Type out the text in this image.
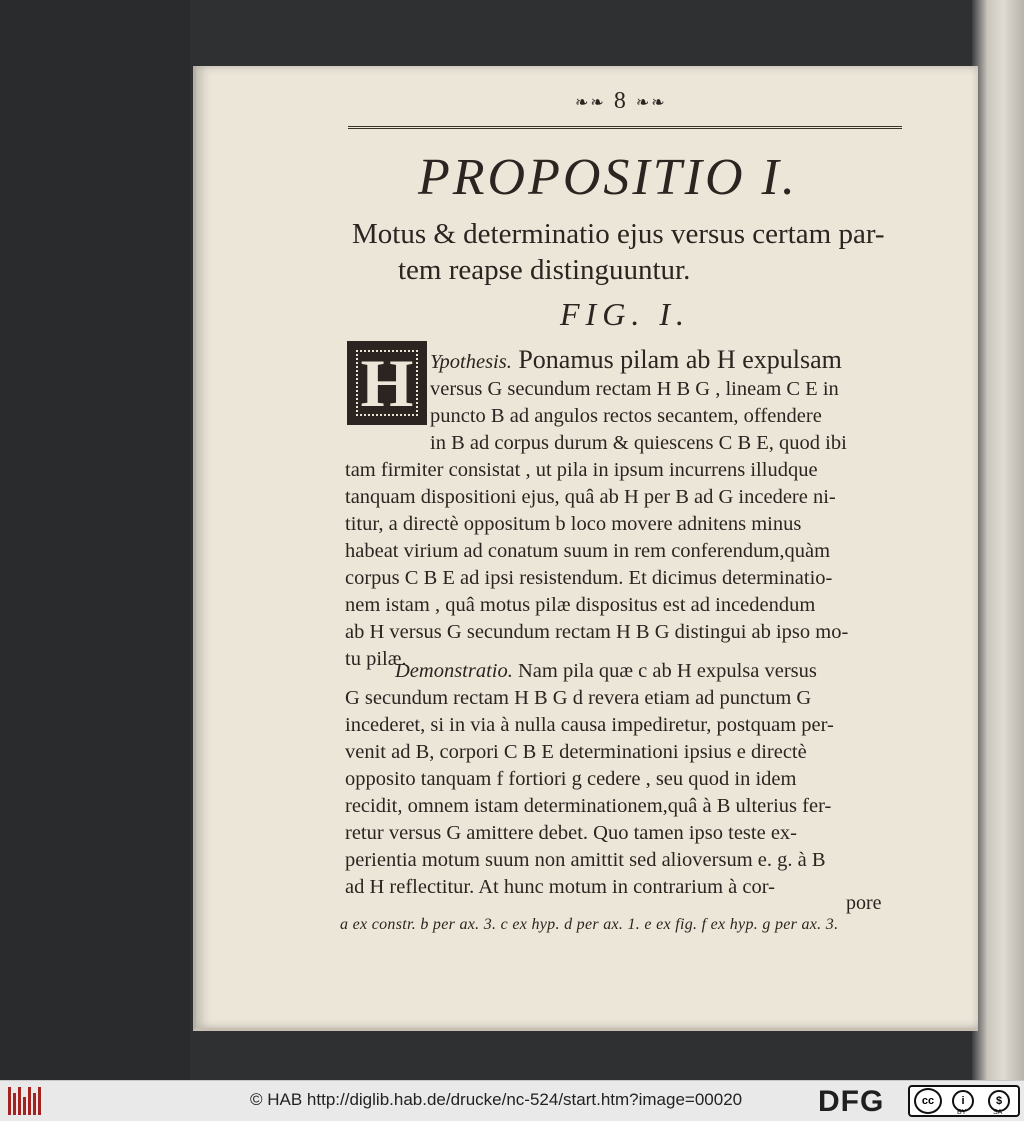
❧❧ 8 ❧❧
PROPOSITIO I.
Motus & determinatio ejus versus certam par-
tem reapse distinguuntur.
FIG. I.
H Ypothesis. Ponamus pilam ab H expulsam
versus G secundum rectam H B G , lineam C E in
puncto B ad angulos rectos secantem, offendere
in B ad corpus durum & quiescens C B E, quod ibi
tam firmiter consistat , ut pila in ipsum incurrens illudque
tanquam dispositioni ejus, quâ ab H per B ad G incedere ni-
titur, a directè oppositum b loco movere adnitens minus
habeat virium ad conatum suum in rem conferendum,quàm
corpus C B E ad ipsi resistendum. Et dicimus determinatio-
nem istam , quâ motus pilæ dispositus est ad incedendum
ab H versus G secundum rectam H B G distingui ab ipso mo-
tu pilæ.
Demonstratio. Nam pila quæ c ab H expulsa versus
G secundum rectam H B G d revera etiam ad punctum G
incederet, si in via à nulla causa impediretur, postquam per-
venit ad B, corpori C B E determinationi ipsius e directè
opposito tanquam f fortiori g cedere , seu quod in idem
recidit, omnem istam determinationem,quâ à B ulterius fer-
retur versus G amittere debet. Quo tamen ipso teste ex-
perientia motum suum non amittit sed alioversum e. g. à B
ad H reflectitur. At hunc motum in contrarium à cor-
pore
a ex constr. b per ax. 3. c ex hyp. d per ax. 1. e ex fig. f ex hyp. g per ax. 3.
© HAB http://diglib.hab.de/drucke/nc-524/start.htm?image=00020	DFG	cc	i	$
BY	SA
